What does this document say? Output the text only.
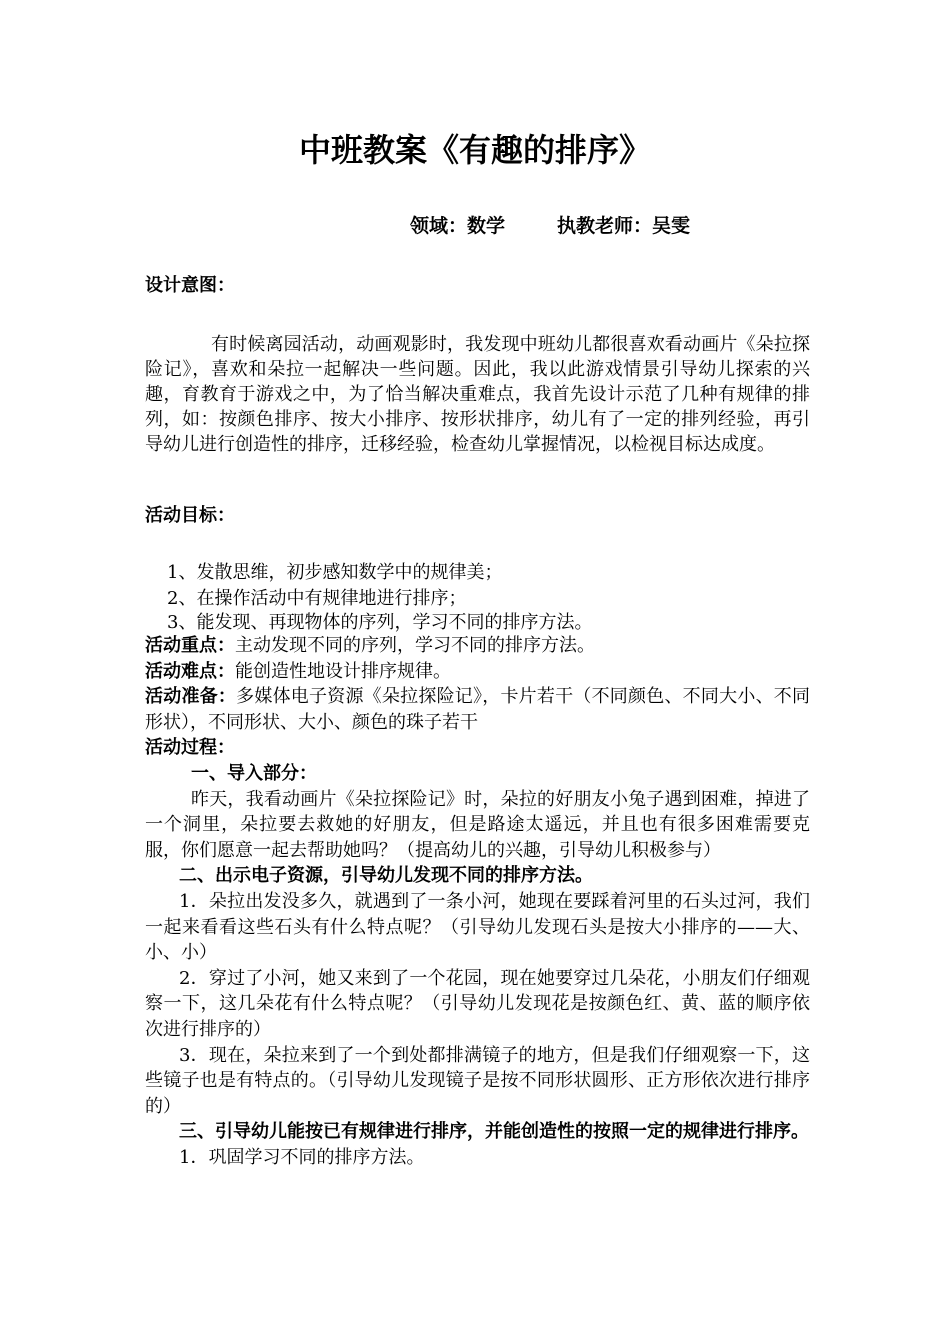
中班教案《有趣的排序》
领域：数学	执教老师：吴雯
设计意图：

有时候离园活动，动画观影时，我发现中班幼儿都很喜欢看动画片《朵拉探险记》，喜欢和朵拉一起解决一些问题。因此，我以此游戏情景引导幼儿探索的兴趣，育教育于游戏之中，为了恰当解决重难点，我首先设计示范了几种有规律的排列，如：按颜色排序、按大小排序、按形状排序，幼儿有了一定的排列经验，再引导幼儿进行创造性的排序，迁移经验，检查幼儿掌握情况，以检视目标达成度。

活动目标：

1、发散思维，初步感知数学中的规律美；

2、在操作活动中有规律地进行排序；

3、能发现、再现物体的序列，学习不同的排序方法。

活动重点：主动发现不同的序列，学习不同的排序方法。

活动难点：能创造性地设计排序规律。

活动准备：多媒体电子资源《朵拉探险记》，卡片若干（不同颜色、不同大小、不同形状），不同形状、大小、颜色的珠子若干

活动过程：

一、导入部分：

昨天，我看动画片《朵拉探险记》时，朵拉的好朋友小兔子遇到困难，掉进了一个洞里，朵拉要去救她的好朋友，但是路途太遥远，并且也有很多困难需要克服，你们愿意一起去帮助她吗？（提高幼儿的兴趣，引导幼儿积极参与）

二、出示电子资源，引导幼儿发现不同的排序方法。

1．朵拉出发没多久，就遇到了一条小河，她现在要踩着河里的石头过河，我们一起来看看这些石头有什么特点呢？（引导幼儿发现石头是按大小排序的——大、小、小）

2．穿过了小河，她又来到了一个花园，现在她要穿过几朵花，小朋友们仔细观察一下，这几朵花有什么特点呢？（引导幼儿发现花是按颜色红、黄、蓝的顺序依次进行排序的）

3．现在，朵拉来到了一个到处都排满镜子的地方，但是我们仔细观察一下，这些镜子也是有特点的。（引导幼儿发现镜子是按不同形状圆形、正方形依次进行排序的）

三、引导幼儿能按已有规律进行排序，并能创造性的按照一定的规律进行排序。

1．巩固学习不同的排序方法。
